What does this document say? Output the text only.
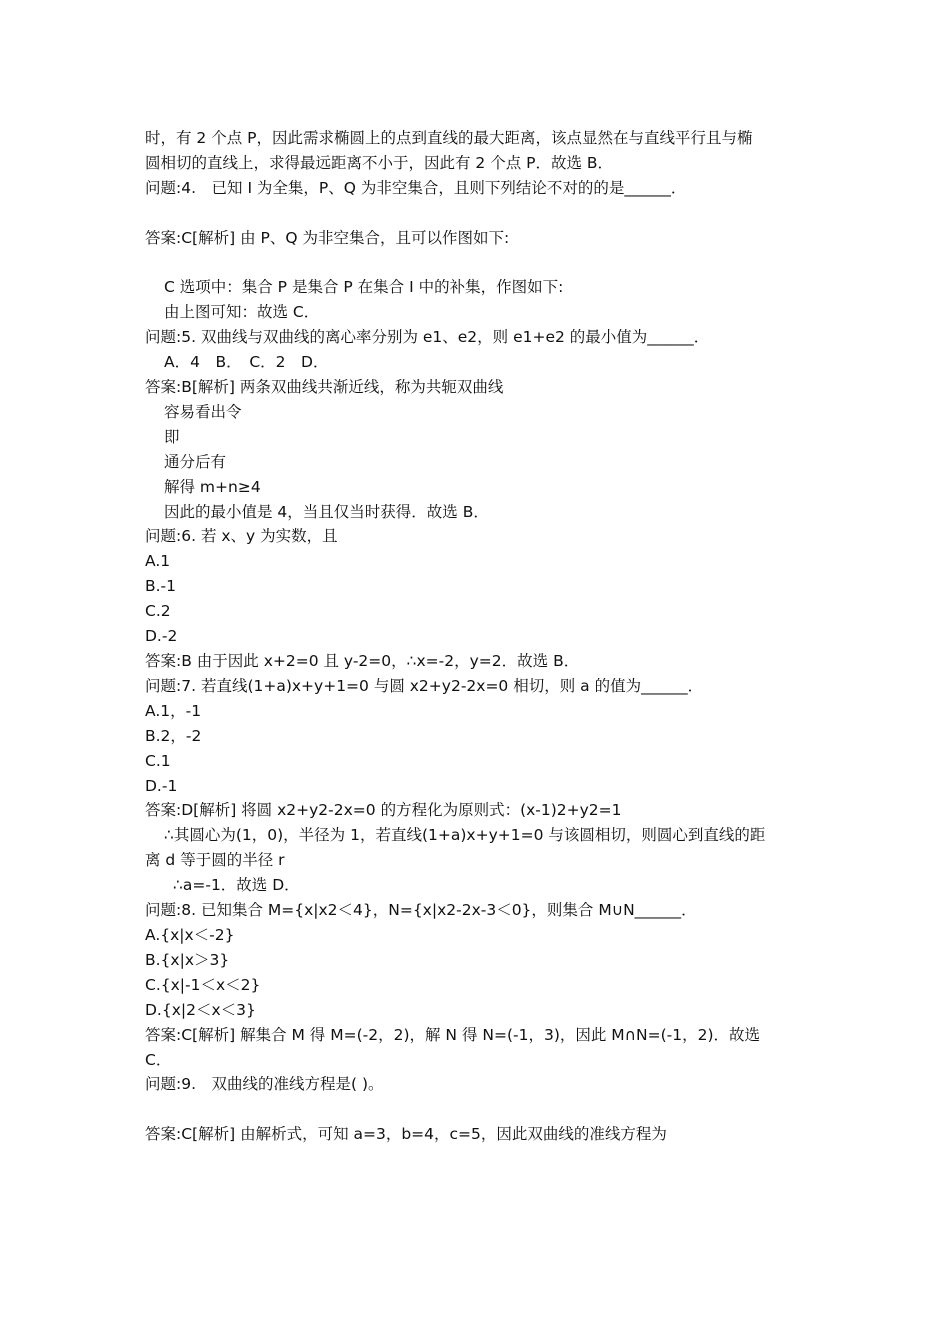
时，有 2 个点 P，因此需求椭圆上的点到直线的最大距离，该点显然在与直线平行且与椭
圆相切的直线上，求得最远距离不小于，因此有 2 个点 P．故选 B．
问题:4.　已知 I 为全集，P、Q 为非空集合，且则下列结论不对的的是______．
答案:C[解析] 由 P、Q 为非空集合，且可以作图如下:
C 选项中：集合 P 是集合 P 在集合 I 中的补集，作图如下:
由上图可知：故选 C．
问题:5. 双曲线与双曲线的离心率分别为 e1、e2，则 e1+e2 的最小值为______．
A．4　B．　C．2　D．
答案:B[解析] 两条双曲线共渐近线，称为共轭双曲线
容易看出令
即
通分后有
解得 m+n≥4
因此的最小值是 4，当且仅当时获得．故选 B．
问题:6. 若 x、y 为实数，且
A.1
B.-1
C.2
D.-2
答案:B 由于因此 x+2=0 且 y-2=0，∴x=-2，y=2．故选 B．
问题:7. 若直线(1+a)x+y+1=0 与圆 x2+y2-2x=0 相切，则 a 的值为______．
A.1，-1
B.2，-2
C.1
D.-1
答案:D[解析] 将圆 x2+y2-2x=0 的方程化为原则式：(x-1)2+y2=1
∴其圆心为(1，0)，半径为 1，若直线(1+a)x+y+1=0 与该圆相切，则圆心到直线的距
离 d 等于圆的半径 r
∴a=-1．故选 D．
问题:8. 已知集合 M={x|x2＜4}，N={x|x2-2x-3＜0}，则集合 M∪N______．
A.{x|x＜-2}
B.{x|x＞3}
C.{x|-1＜x＜2}
D.{x|2＜x＜3}
答案:C[解析] 解集合 M 得 M=(-2，2)，解 N 得 N=(-1，3)，因此 M∩N=(-1，2)．故选
C．
问题:9.　双曲线的准线方程是( )。
答案:C[解析] 由解析式，可知 a=3，b=4，c=5，因此双曲线的准线方程为
